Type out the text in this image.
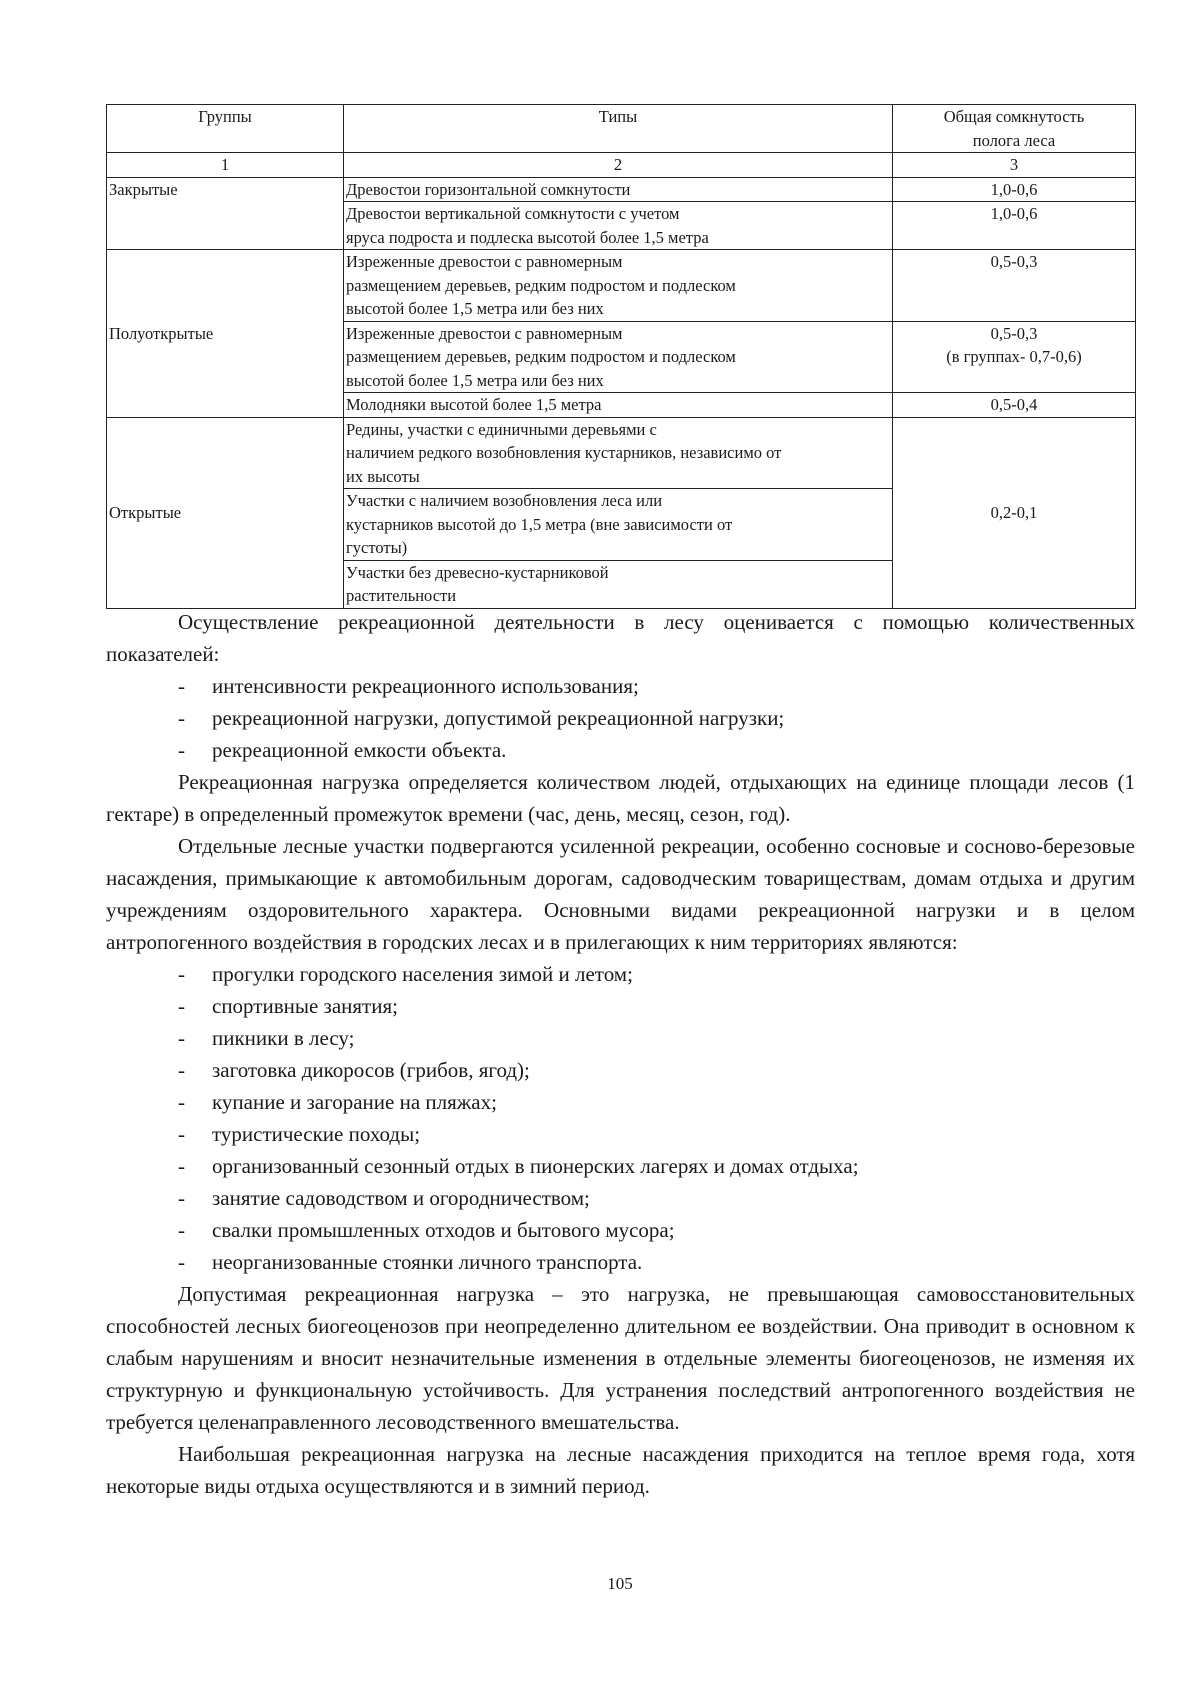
Группы	Типы	Общая сомкнутость
полога леса

1	2	3
Закрытые	Древостои горизонтальной сомкнутости	1,0-0,6

	Древостои вертикальной сомкнутости с учетом
яруса подроста и подлеска высотой более 1,5 метра	1,0-0,6
Полуоткрытые	Изреженные древостои с равномерным
размещением деревьев, редким подростом и подлеском
высотой более 1,5 метра или без них	0,5-0,3

	Изреженные древостои с равномерным
размещением деревьев, редким подростом и подлеском
высотой более 1,5 метра или без них	0,5-0,3
(в группах- 0,7-0,6)

	Молодняки высотой более 1,5 метра	0,5-0,4
Открытые	Редины, участки с единичными деревьями с
наличием редкого возобновления кустарников, независимо от
их высоты	0,2-0,1

	Участки с наличием возобновления леса или
кустарников высотой до 1,5 метра (вне зависимости от
густоты)	

	Участки без древесно-кустарниковой
растительности	

Осуществление рекреационной деятельности в лесу оценивается с помощью количественных показателей:

- интенсивности рекреационного использования;
- рекреационной нагрузки, допустимой рекреационной нагрузки;
- рекреационной емкости объекта.

Рекреационная нагрузка определяется количеством людей, отдыхающих на единице площади лесов (1 гектаре) в определенный промежуток времени (час, день, месяц, сезон, год).

Отдельные лесные участки подвергаются усиленной рекреации, особенно сосновые и сосново-березовые насаждения, примыкающие к автомобильным дорогам, садоводческим товариществам, домам отдыха и другим учреждениям оздоровительного характера. Основными видами рекреационной нагрузки и в целом антропогенного воздействия в городских лесах и в прилегающих к ним территориях являются:

- прогулки городского населения зимой и летом;
- спортивные занятия;
- пикники в лесу;
- заготовка дикоросов (грибов, ягод);
- купание и загорание на пляжах;
- туристические походы;
- организованный сезонный отдых в пионерских лагерях и домах отдыха;
- занятие садоводством и огородничеством;
- свалки промышленных отходов и бытового мусора;
- неорганизованные стоянки личного транспорта.

Допустимая рекреационная нагрузка – это нагрузка, не превышающая самовосстановительных способностей лесных биогеоценозов при неопределенно длительном ее воздействии. Она приводит в основном к слабым нарушениям и вносит незначительные изменения в отдельные элементы биогеоценозов, не изменяя их структурную и функциональную устойчивость. Для устранения последствий антропогенного воздействия не требуется целенаправленного лесоводственного вмешательства.

Наибольшая рекреационная нагрузка на лесные насаждения приходится на теплое время года, хотя некоторые виды отдыха осуществляются и в зимний период.

105
